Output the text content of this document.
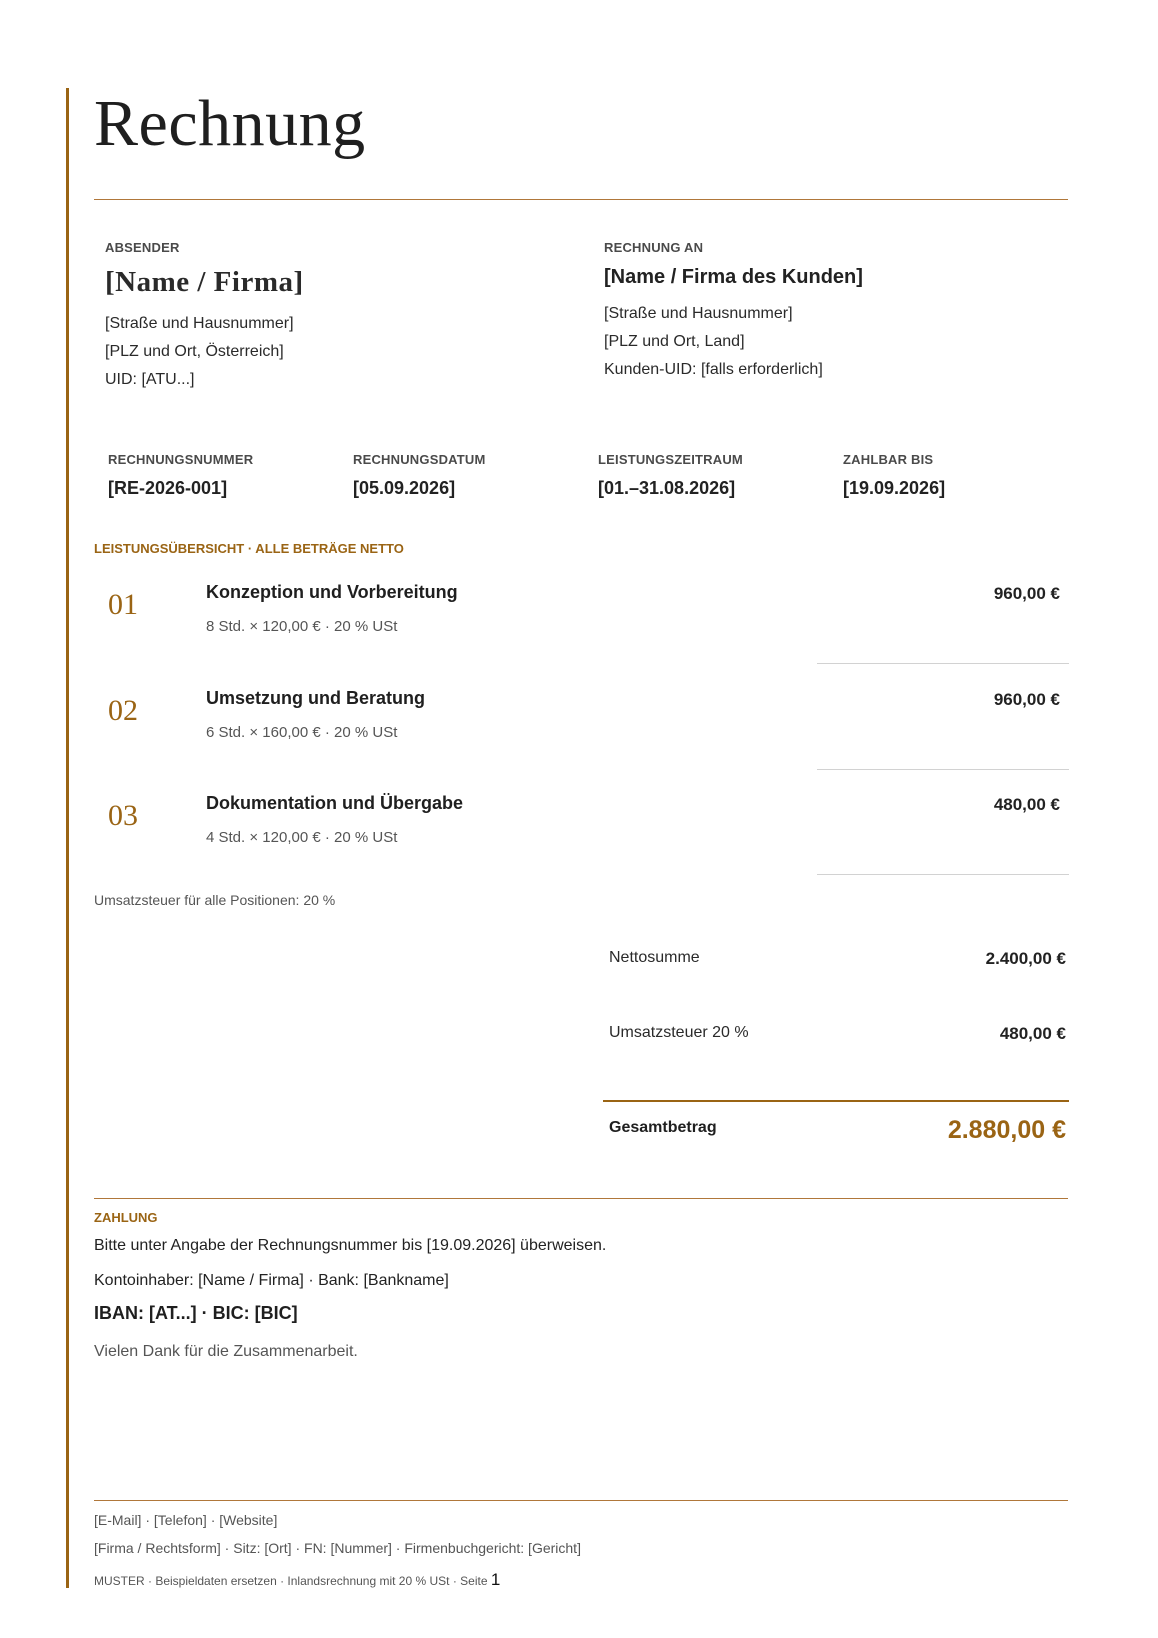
Rechnung
ABSENDER
[Name / Firma]
[Straße und Hausnummer]
[PLZ und Ort, Österreich]
UID: [ATU...]
RECHNUNG AN
[Name / Firma des Kunden]
[Straße und Hausnummer]
[PLZ und Ort, Land]
Kunden-UID: [falls erforderlich]
RECHNUNGSNUMMER
[RE-2026-001]
RECHNUNGSDATUM
[05.09.2026]
LEISTUNGSZEITRAUM
[01.–31.08.2026]
ZAHLBAR BIS
[19.09.2026]
LEISTUNGSÜBERSICHT · ALLE BETRÄGE NETTO
01	Konzeption und Vorbereitung
8 Std. × 120,00 € · 20 % USt
960,00 €
02	Umsetzung und Beratung
6 Std. × 160,00 € · 20 % USt
960,00 €
03	Dokumentation und Übergabe
4 Std. × 120,00 € · 20 % USt
480,00 €
Umsatzsteuer für alle Positionen: 20 %
Nettosumme	2.400,00 €
Umsatzsteuer 20 %	480,00 €
Gesamtbetrag	2.880,00 €
ZAHLUNG
Bitte unter Angabe der Rechnungsnummer bis [19.09.2026] überweisen.
Kontoinhaber: [Name / Firma] · Bank: [Bankname]
IBAN: [AT...] · BIC: [BIC]
Vielen Dank für die Zusammenarbeit.
[E-Mail] · [Telefon] · [Website]
[Firma / Rechtsform] · Sitz: [Ort] · FN: [Nummer] · Firmenbuchgericht: [Gericht]
MUSTER · Beispieldaten ersetzen · Inlandsrechnung mit 20 % USt · Seite 1
